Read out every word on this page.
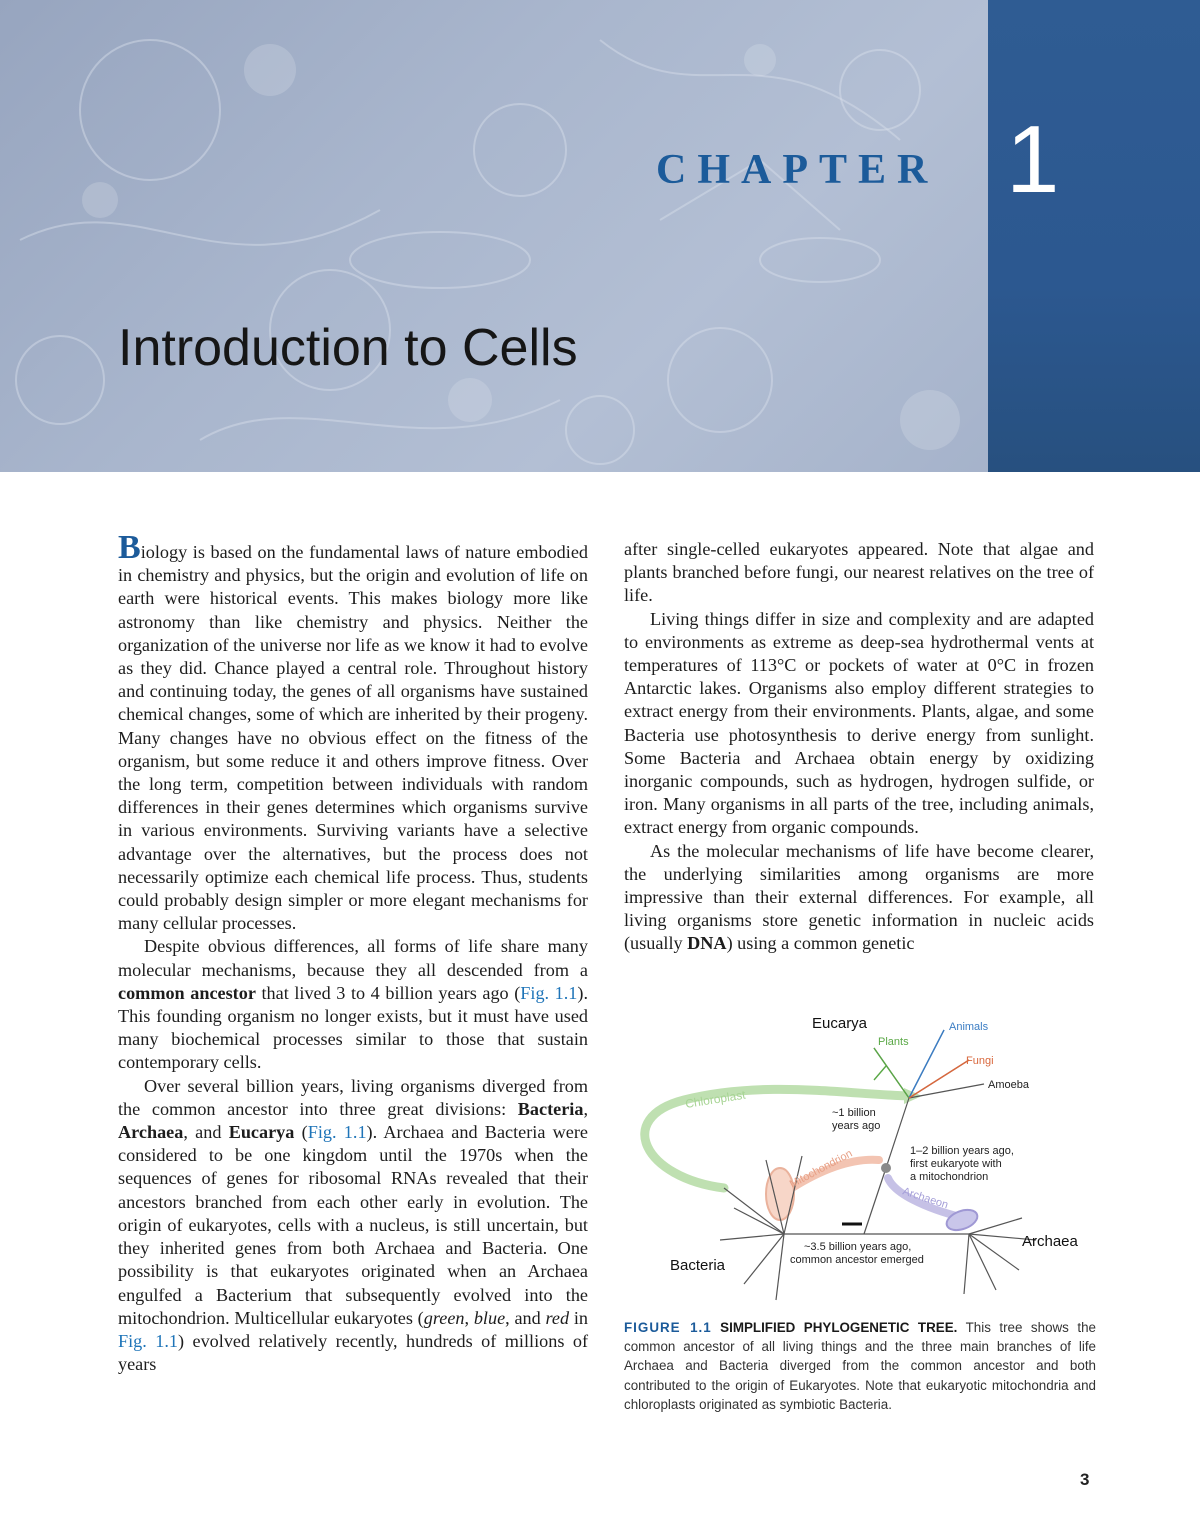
CHAPTER 1
Introduction to Cells

Biology is based on the fundamental laws of nature embodied in chemistry and physics, but the origin and evolution of life on earth were historical events. This makes biology more like astronomy than like chemistry and physics. Neither the organization of the universe nor life as we know it had to evolve as they did. Chance played a central role. Throughout history and continuing today, the genes of all organisms have sustained chemical changes, some of which are inherited by their progeny. Many changes have no obvious effect on the fitness of the organism, but some reduce it and others improve fitness. Over the long term, competition between individuals with random differences in their genes determines which organisms survive in various environments. Surviving variants have a selective advantage over the alternatives, but the process does not necessarily optimize each chemical life process. Thus, students could probably design simpler or more elegant mechanisms for many cellular processes.

Despite obvious differences, all forms of life share many molecular mechanisms, because they all descended from a common ancestor that lived 3 to 4 billion years ago (Fig. 1.1). This founding organism no longer exists, but it must have used many biochemical processes similar to those that sustain contemporary cells.

Over several billion years, living organisms diverged from the common ancestor into three great divisions: Bacteria, Archaea, and Eucarya (Fig. 1.1). Archaea and Bacteria were considered to be one kingdom until the 1970s when the sequences of genes for ribosomal RNAs revealed that their ancestors branched from each other early in evolution. The origin of eukaryotes, cells with a nucleus, is still uncertain, but they inherited genes from both Archaea and Bacteria. One possibility is that eukaryotes originated when an Archaea engulfed a Bacterium that subsequently evolved into the mitochondrion. Multicellular eukaryotes (green, blue, and red in Fig. 1.1) evolved relatively recently, hundreds of millions of years

after single-celled eukaryotes appeared. Note that algae and plants branched before fungi, our nearest relatives on the tree of life.

Living things differ in size and complexity and are adapted to environments as extreme as deep-sea hydrothermal vents at temperatures of 113°C or pockets of water at 0°C in frozen Antarctic lakes. Organisms also employ different strategies to extract energy from their environments. Plants, algae, and some Bacteria use photosynthesis to derive energy from sunlight. Some Bacteria and Archaea obtain energy by oxidizing inorganic compounds, such as hydrogen, hydrogen sulfide, or iron. Many organisms in all parts of the tree, including animals, extract energy from organic compounds.

As the molecular mechanisms of life have become clearer, the underlying similarities among organisms are more impressive than their external differences. For example, all living organisms store genetic information in nucleic acids (usually DNA) using a common genetic

Eucarya	Animals
Plants
Fungi
Amoeba
Chloroplast
~1 billion
years ago
1–2 billion years ago,
first eukaryote with
a mitochondrion
Mitochondrion
Archaeon
Archaea
~3.5 billion years ago,
common ancestor emerged
Bacteria
FIGURE 1.1 SIMPLIFIED PHYLOGENETIC TREE. This tree shows the common ancestor of all living things and the three main branches of life Archaea and Bacteria diverged from the common ancestor and both contributed to the origin of Eukaryotes. Note that eukaryotic mitochondria and chloroplasts originated as symbiotic Bacteria.
3
